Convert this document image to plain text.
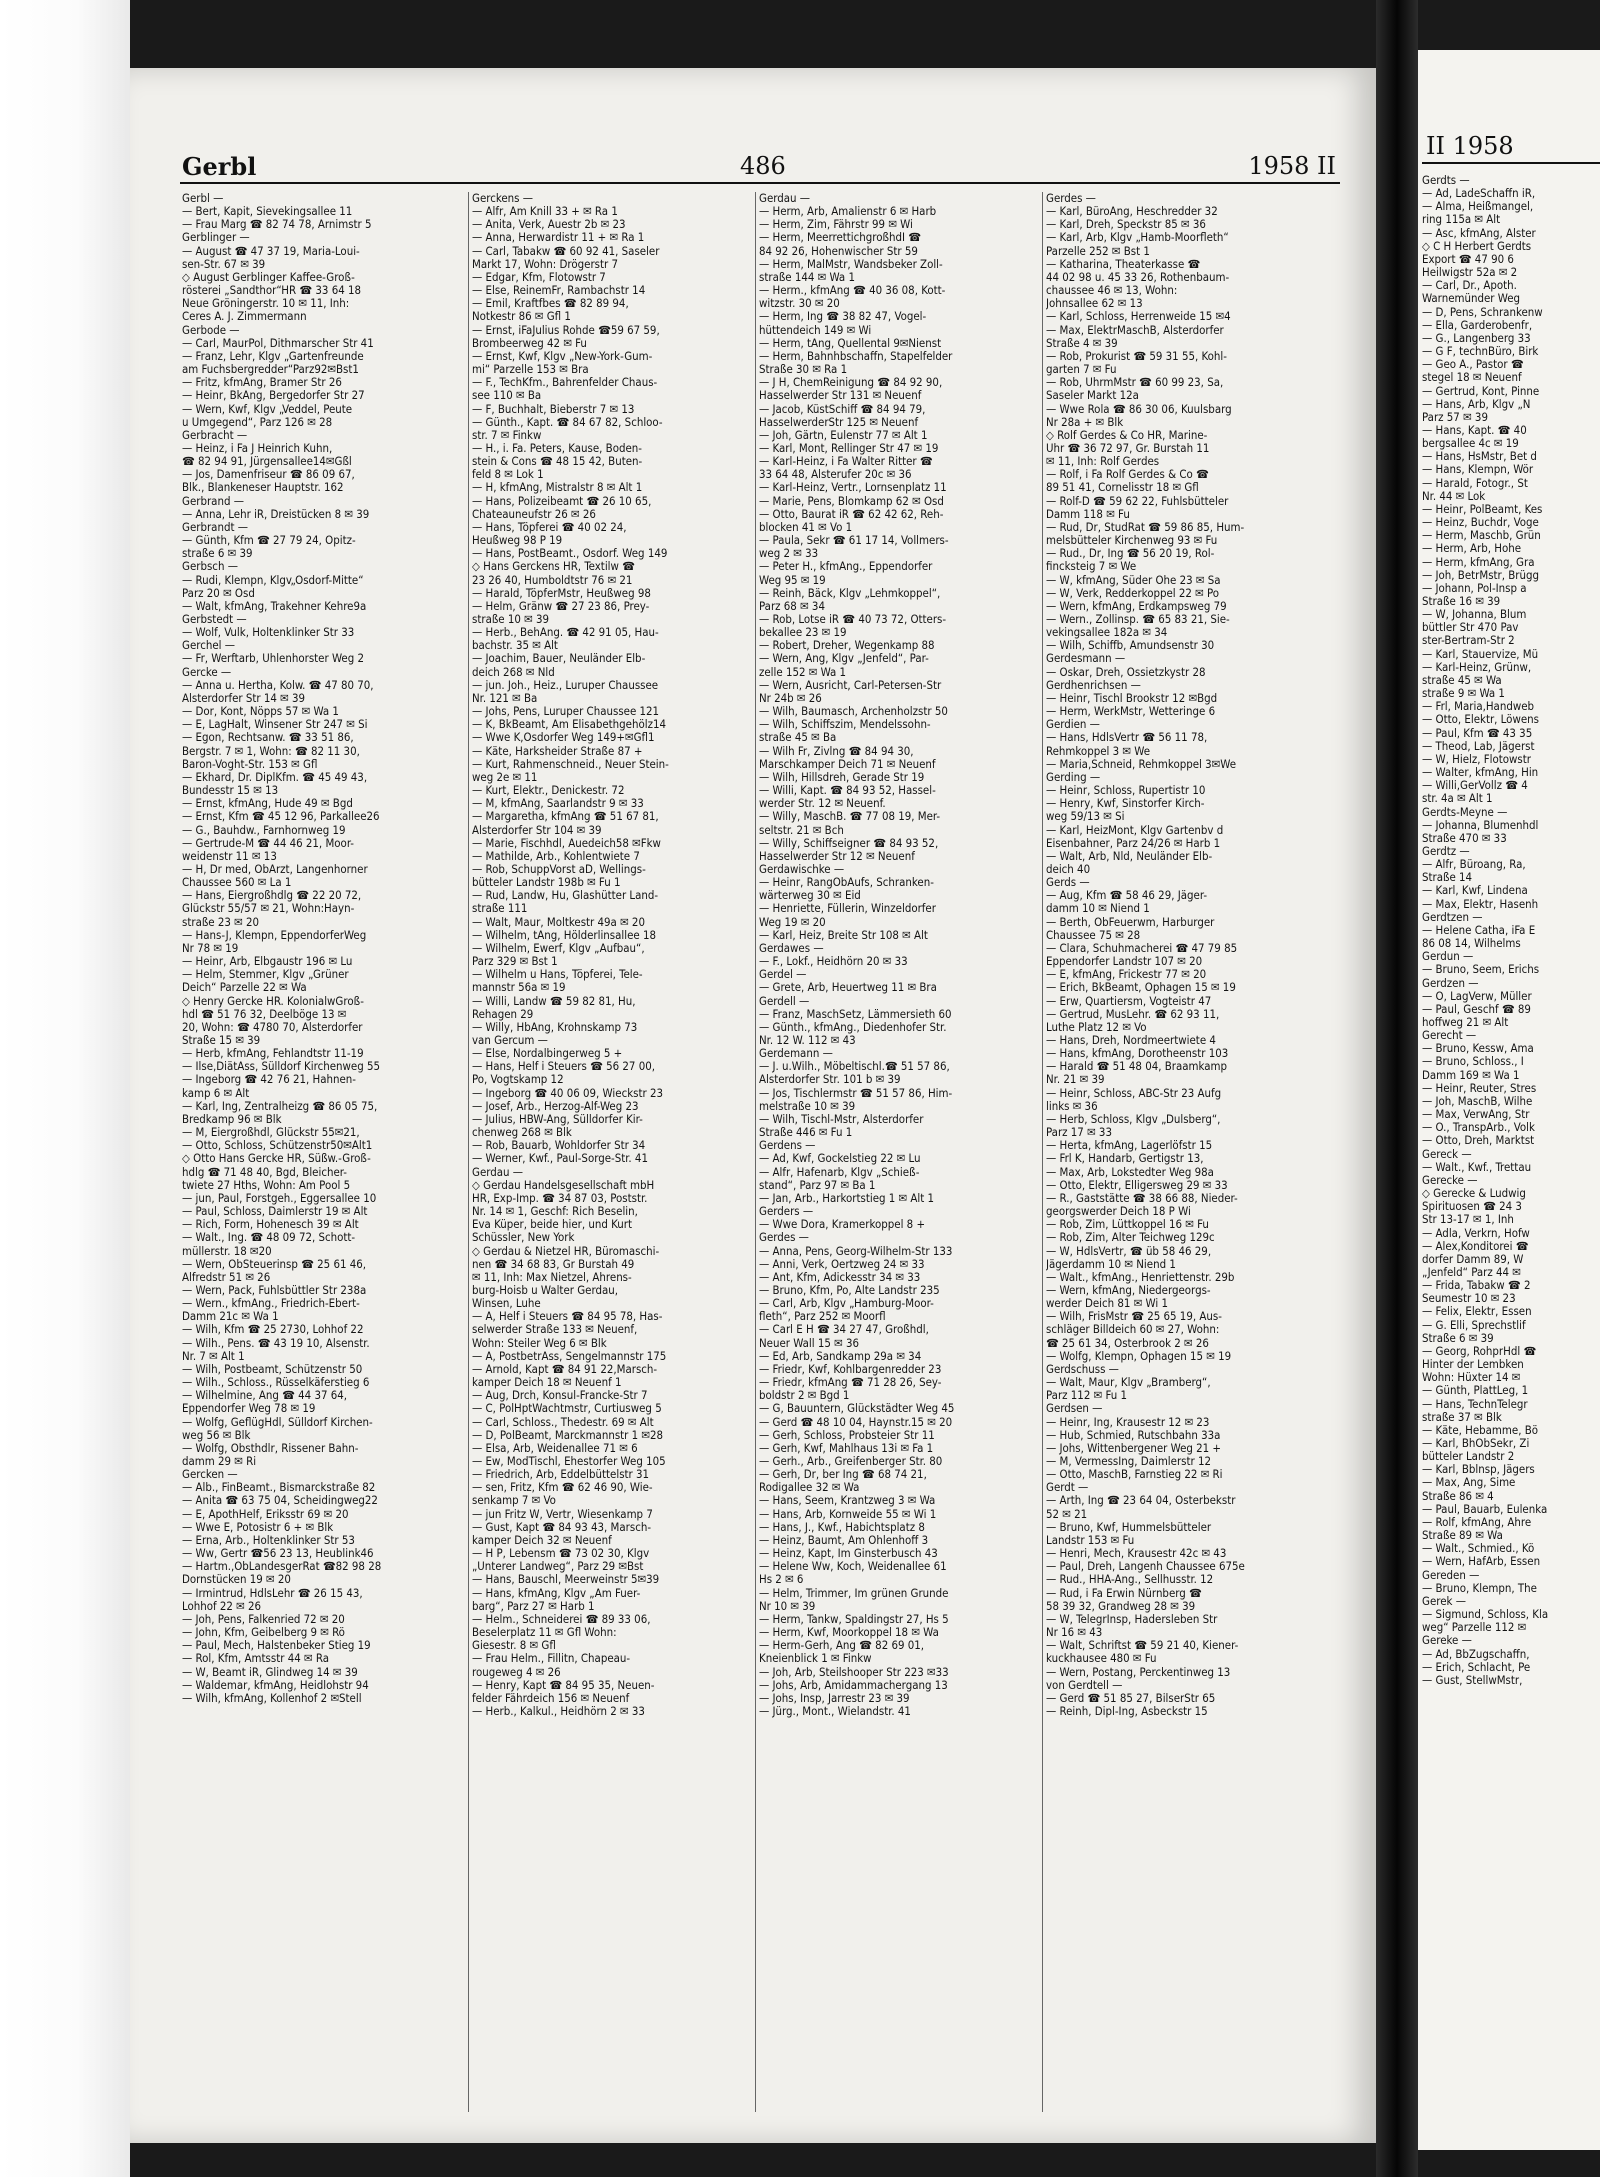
Gerbl	486	1958 II
Gerbl —
— Bert, Kapit, Sievekingsallee 11
— Frau Marg ☎ 82 74 78, Arnimstr 5
Gerblinger —
— August ☎ 47 37 19, Maria-Loui-
sen-Str. 67 ✉ 39
◇ August Gerblinger Kaffee-Groß-
rösterei „Sandthor“HR ☎ 33 64 18
Neue Gröningerstr. 10 ✉ 11, Inh:
Ceres A. J. Zimmermann
Gerbode —
— Carl, MaurPol, Dithmarscher Str 41
— Franz, Lehr, Klgv „Gartenfreunde
am Fuchsbergredder“Parz92✉Bst1
— Fritz, kfmAng, Bramer Str 26
— Heinr, BkAng, Bergedorfer Str 27
— Wern, Kwf, Klgv „Veddel, Peute
u Umgegend“, Parz 126 ✉ 28
Gerbracht —
— Heinz, i Fa J Heinrich Kuhn,
☎ 82 94 91, Jürgensallee14✉Gßl
— Jos, Damenfriseur ☎ 86 09 67,
Blk., Blankeneser Hauptstr. 162
Gerbrand —
— Anna, Lehr iR, Dreistücken 8 ✉ 39
Gerbrandt —
— Günth, Kfm ☎ 27 79 24, Opitz-
straße 6 ✉ 39
Gerbsch —
— Rudi, Klempn, Klgv„Osdorf-Mitte“
Parz 20 ✉ Osd
— Walt, kfmAng, Trakehner Kehre9a
Gerbstedt —
— Wolf, Vulk, Holtenklinker Str 33
Gerchel —
— Fr, Werftarb, Uhlenhorster Weg 2
Gercke —
— Anna u. Hertha, Kolw. ☎ 47 80 70,
Alsterdorfer Str 14 ✉ 39
— Dor, Kont, Nöpps 57 ✉ Wa 1
— E, LagHalt, Winsener Str 247 ✉ Si
— Egon, Rechtsanw. ☎ 33 51 86,
Bergstr. 7 ✉ 1, Wohn: ☎ 82 11 30,
Baron-Voght-Str. 153 ✉ Gfl
— Ekhard, Dr. DiplKfm. ☎ 45 49 43,
Bundesstr 15 ✉ 13
— Ernst, kfmAng, Hude 49 ✉ Bgd
— Ernst, Kfm ☎ 45 12 96, Parkallee26
— G., Bauhdw., Farnhornweg 19
— Gertrude-M ☎ 44 46 21, Moor-
weidenstr 11 ✉ 13
— H, Dr med, ObArzt, Langenhorner
Chaussee 560 ✉ La 1
— Hans, Eiergroßhdlg ☎ 22 20 72,
Glückstr 55/57 ✉ 21, Wohn:Hayn-
straße 23 ✉ 20
— Hans-J, Klempn, EppendorferWeg
Nr 78 ✉ 19
— Heinr, Arb, Elbgaustr 196 ✉ Lu
— Helm, Stemmer, Klgv „Grüner
Deich“ Parzelle 22 ✉ Wa
◇ Henry Gercke HR. KolonialwGroß-
hdl ☎ 51 76 32, Deelböge 13 ✉
20, Wohn: ☎ 4780 70, Alsterdorfer
Straße 15 ✉ 39
— Herb, kfmAng, Fehlandtstr 11-19
— Ilse,DiätAss, Sülldorf Kirchenweg 55
— Ingeborg ☎ 42 76 21, Hahnen-
kamp 6 ✉ Alt
— Karl, Ing, Zentralheizg ☎ 86 05 75,
Bredkamp 96 ✉ Blk
— M, Eiergroßhdl, Glückstr 55✉21,
— Otto, Schloss, Schützenstr50✉Alt1
◇ Otto Hans Gercke HR, Süßw.-Groß-
hdlg ☎ 71 48 40, Bgd, Bleicher-
twiete 27 Hths, Wohn: Am Pool 5
— jun, Paul, Forstgeh., Eggersallee 10
— Paul, Schloss, Daimlerstr 19 ✉ Alt
— Rich, Form, Hohenesch 39 ✉ Alt
— Walt., Ing. ☎ 48 09 72, Schott-
müllerstr. 18 ✉20
— Wern, ObSteuerinsp ☎ 25 61 46,
Alfredstr 51 ✉ 26
— Wern, Pack, Fuhlsbüttler Str 238a
— Wern., kfmAng., Friedrich-Ebert-
Damm 21c ✉ Wa 1
— Wilh, Kfm ☎ 25 2730, Lohhof 22
— Wilh., Pens. ☎ 43 19 10, Alsenstr.
Nr. 7 ✉ Alt 1
— Wilh, Postbeamt, Schützenstr 50
— Wilh., Schloss., Rüsselkäferstieg 6
— Wilhelmine, Ang ☎ 44 37 64,
Eppendorfer Weg 78 ✉ 19
— Wolfg, GeflügHdl, Sülldorf Kirchen-
weg 56 ✉ Blk
— Wolfg, Obsthdlr, Rissener Bahn-
damm 29 ✉ Ri
Gercken —
— Alb., FinBeamt., Bismarckstraße 82
— Anita ☎ 63 75 04, Scheidingweg22
— E, ApothHelf, Eriksstr 69 ✉ 20
— Wwe E, Potosistr 6 + ✉ Blk
— Erna, Arb., Holtenklinker Str 53
— Ww, Gertr ☎56 23 13, Heublink46
— Hartm.,ObLandesgerRat ☎82 98 28
Dornstücken 19 ✉ 20
— Irmintrud, HdlsLehr ☎ 26 15 43,
Lohhof 22 ✉ 26
— Joh, Pens, Falkenried 72 ✉ 20
— John, Kfm, Geibelberg 9 ✉ Rö
— Paul, Mech, Halstenbeker Stieg 19
— Rol, Kfm, Amtsstr 44 ✉ Ra
— W, Beamt iR, Glindweg 14 ✉ 39
— Waldemar, kfmAng, Heidlohstr 94
— Wilh, kfmAng, Kollenhof 2 ✉Stell
Gerckens —
— Alfr, Am Knill 33 + ✉ Ra 1
— Anita, Verk, Auestr 2b ✉ 23
— Anna, Herwardistr 11 + ✉ Ra 1
— Carl, Tabakw ☎ 60 92 41, Saseler
Markt 17, Wohn: Drögerstr 7
— Edgar, Kfm, Flotowstr 7
— Else, ReinemFr, Rambachstr 14
— Emil, Kraftfbes ☎ 82 89 94,
Notkestr 86 ✉ Gfl 1
— Ernst, iFaJulius Rohde ☎59 67 59,
Brombeerweg 42 ✉ Fu
— Ernst, Kwf, Klgv „New-York-Gum-
mi“ Parzelle 153 ✉ Bra
— F., TechKfm., Bahrenfelder Chaus-
see 110 ✉ Ba
— F, Buchhalt, Bieberstr 7 ✉ 13
— Günth., Kapt. ☎ 84 67 82, Schloo-
str. 7 ✉ Finkw
— H., i. Fa. Peters, Kause, Boden-
stein & Cons ☎ 48 15 42, Buten-
feld 8 ✉ Lok 1
— H, kfmAng, Mistralstr 8 ✉ Alt 1
— Hans, Polizeibeamt ☎ 26 10 65,
Chateauneufstr 26 ✉ 26
— Hans, Töpferei ☎ 40 02 24,
Heußweg 98 P 19
— Hans, PostBeamt., Osdorf. Weg 149
◇ Hans Gerckens HR, Textilw ☎
23 26 40, Humboldtstr 76 ✉ 21
— Harald, TöpferMstr, Heußweg 98
— Helm, Gränw ☎ 27 23 86, Prey-
straße 10 ✉ 39
— Herb., BehAng. ☎ 42 91 05, Hau-
bachstr. 35 ✉ Alt
— Joachim, Bauer, Neuländer Elb-
deich 268 ✉ Nld
— jun. Joh., Heiz., Luruper Chaussee
Nr. 121 ✉ Ba
— Johs, Pens, Luruper Chaussee 121
— K, BkBeamt, Am Elisabethgehölz14
— Wwe K,Osdorfer Weg 149+✉Gfl1
— Käte, Harksheider Straße 87 +
— Kurt, Rahmenschneid., Neuer Stein-
weg 2e ✉ 11
— Kurt, Elektr., Denickestr. 72
— M, kfmAng, Saarlandstr 9 ✉ 33
— Margaretha, kfmAng ☎ 51 67 81,
Alsterdorfer Str 104 ✉ 39
— Marie, Fischhdl, Auedeich58 ✉Fkw
— Mathilde, Arb., Kohlentwiete 7
— Rob, SchuppVorst aD, Wellings-
bütteler Landstr 198b ✉ Fu 1
— Rud, Landw, Hu, Glashütter Land-
straße 111
— Walt, Maur, Moltkestr 49a ✉ 20
— Wilhelm, tAng, Hölderlinsallee 18
— Wilhelm, Ewerf, Klgv „Aufbau“,
Parz 329 ✉ Bst 1
— Wilhelm u Hans, Töpferei, Tele-
mannstr 56a ✉ 19
— Willi, Landw ☎ 59 82 81, Hu,
Rehagen 29
— Willy, HbAng, Krohnskamp 73
van Gercum —
— Else, Nordalbingerweg 5 +
— Hans, Helf i Steuers ☎ 56 27 00,
Po, Vogtskamp 12
— Ingeborg ☎ 40 06 09, Wieckstr 23
— Josef, Arb., Herzog-Alf-Weg 23
— Julius, HBW-Ang, Sülldorfer Kir-
chenweg 268 ✉ Blk
— Rob, Bauarb, Wohldorfer Str 34
— Werner, Kwf., Paul-Sorge-Str. 41
Gerdau —
◇ Gerdau Handelsgesellschaft mbH
HR, Exp-Imp. ☎ 34 87 03, Poststr.
Nr. 14 ✉ 1, Geschf: Rich Beselin,
Eva Küper, beide hier, und Kurt
Schüssler, New York
◇ Gerdau & Nietzel HR, Büromaschi-
nen ☎ 34 68 83, Gr Burstah 49
✉ 11, Inh: Max Nietzel, Ahrens-
burg-Hoisb u Walter Gerdau,
Winsen, Luhe
— A, Helf i Steuers ☎ 84 95 78, Has-
selwerder Straße 133 ✉ Neuenf,
Wohn: Steiler Weg 6 ✉ Blk
— A, PostbetrAss, Sengelmannstr 175
— Arnold, Kapt ☎ 84 91 22,Marsch-
kamper Deich 18 ✉ Neuenf 1
— Aug, Drch, Konsul-Francke-Str 7
— C, PolHptWachtmstr, Curtiusweg 5
— Carl, Schloss., Thedestr. 69 ✉ Alt
— D, PolBeamt, Marckmannstr 1 ✉28
— Elsa, Arb, Weidenallee 71 ✉ 6
— Ew, ModTischl, Ehestorfer Weg 105
— Friedrich, Arb, Eddelbüttelstr 31
— sen, Fritz, Kfm ☎ 62 46 90, Wie-
senkamp 7 ✉ Vo
— jun Fritz W, Vertr, Wiesenkamp 7
— Gust, Kapt ☎ 84 93 43, Marsch-
kamper Deich 32 ✉ Neuenf
— H P, Lebensm ☎ 73 02 30, Klgv
„Unterer Landweg“, Parz 29 ✉Bst
— Hans, Bauschl, Meerweinstr 5✉39
— Hans, kfmAng, Klgv „Am Fuer-
barg“, Parz 27 ✉ Harb 1
— Helm., Schneiderei ☎ 89 33 06,
Beselerplatz 11 ✉ Gfl Wohn:
Giesestr. 8 ✉ Gfl
— Frau Helm., Fillitn, Chapeau-
rougeweg 4 ✉ 26
— Henry, Kapt ☎ 84 95 35, Neuen-
felder Fährdeich 156 ✉ Neuenf
— Herb., Kalkul., Heidhörn 2 ✉ 33
Gerdau —
— Herm, Arb, Amalienstr 6 ✉ Harb
— Herm, Zim, Fährstr 99 ✉ Wi
— Herm, MeerrettichgroßhdI ☎
84 92 26, Hohenwischer Str 59
— Herm, MalMstr, Wandsbeker Zoll-
straße 144 ✉ Wa 1
— Herm., kfmAng ☎ 40 36 08, Kott-
witzstr. 30 ✉ 20
— Herm, Ing ☎ 38 82 47, Vogel-
hüttendeich 149 ✉ Wi
— Herm, tAng, Quellental 9✉Nienst
— Herm, Bahnhbschaffn, Stapelfelder
Straße 30 ✉ Ra 1
— J H, ChemReinigung ☎ 84 92 90,
Hasselwerder Str 131 ✉ Neuenf
— Jacob, KüstSchiff ☎ 84 94 79,
HasselwerderStr 125 ✉ Neuenf
— Joh, Gärtn, Eulenstr 77 ✉ Alt 1
— Karl, Mont, Rellinger Str 47 ✉ 19
— Karl-Heinz, i Fa Walter Ritter ☎
33 64 48, Alsterufer 20c ✉ 36
— Karl-Heinz, Vertr., Lornsenplatz 11
— Marie, Pens, Blomkamp 62 ✉ Osd
— Otto, Baurat iR ☎ 62 42 62, Reh-
blocken 41 ✉ Vo 1
— Paula, Sekr ☎ 61 17 14, Vollmers-
weg 2 ✉ 33
— Peter H., kfmAng., Eppendorfer
Weg 95 ✉ 19
— Reinh, Bäck, Klgv „Lehmkoppel“,
Parz 68 ✉ 34
— Rob, Lotse iR ☎ 40 73 72, Otters-
bekallee 23 ✉ 19
— Robert, Dreher, Wegenkamp 88
— Wern, Ang, Klgv „Jenfeld“, Par-
zelle 152 ✉ Wa 1
— Wern, Ausricht, Carl-Petersen-Str
Nr 24b ✉ 26
— Wilh, Baumasch, Archenholzstr 50
— Wilh, Schiffszim, Mendelssohn-
straße 45 ✉ Ba
— Wilh Fr, Zivlng ☎ 84 94 30,
Marschkamper Deich 71 ✉ Neuenf
— Wilh, Hillsdreh, Gerade Str 19
— Willi, Kapt. ☎ 84 93 52, Hassel-
werder Str. 12 ✉ Neuenf.
— Willy, MaschB. ☎ 77 08 19, Mer-
seltstr. 21 ✉ Bch
— Willy, Schiffseigner ☎ 84 93 52,
Hasselwerder Str 12 ✉ Neuenf
Gerdawischke —
— Heinr, RangObAufs, Schranken-
wärterweg 30 ✉ Eid
— Henriette, Füllerin, Winzeldorfer
Weg 19 ✉ 20
— Karl, Heiz, Breite Str 108 ✉ Alt
Gerdawes —
— F., Lokf., Heidhörn 20 ✉ 33
Gerdel —
— Grete, Arb, Heuertweg 11 ✉ Bra
Gerdell —
— Franz, MaschSetz, Lämmersieth 60
— Günth., kfmAng., Diedenhofer Str.
Nr. 12 W. 112 ✉ 43
Gerdemann —
— J. u.Wilh., Möbeltischl.☎ 51 57 86,
Alsterdorfer Str. 101 b ✉ 39
— Jos, Tischlermstr ☎ 51 57 86, Him-
melstraße 10 ✉ 39
— Wilh, Tischl-Mstr, Alsterdorfer
Straße 446 ✉ Fu 1
Gerdens —
— Ad, Kwf, Gockelstieg 22 ✉ Lu
— Alfr, Hafenarb, Klgv „Schieß-
stand“, Parz 97 ✉ Ba 1
— Jan, Arb., Harkortstieg 1 ✉ Alt 1
Gerders —
— Wwe Dora, Kramerkoppel 8 +
Gerdes —
— Anna, Pens, Georg-Wilhelm-Str 133
— Anni, Verk, Oertzweg 24 ✉ 33
— Ant, Kfm, Adickesstr 34 ✉ 33
— Bruno, Kfm, Po, Alte Landstr 235
— Carl, Arb, Klgv „Hamburg-Moor-
fleth“, Parz 252 ✉ Moorfl
— Carl E H ☎ 34 27 47, Großhdl,
Neuer Wall 15 ✉ 36
— Ed, Arb, Sandkamp 29a ✉ 34
— Friedr, Kwf, Kohlbargenredder 23
— Friedr, kfmAng ☎ 71 28 26, Sey-
boldstr 2 ✉ Bgd 1
— G, Bauuntern, Glückstädter Weg 45
— Gerd ☎ 48 10 04, Haynstr.15 ✉ 20
— Gerh, Schloss, Probsteier Str 11
— Gerh, Kwf, Mahlhaus 13i ✉ Fa 1
— Gerh., Arb., Greifenberger Str. 80
— Gerh, Dr, ber Ing ☎ 68 74 21,
Rodigallee 32 ✉ Wa
— Hans, Seem, Krantzweg 3 ✉ Wa
— Hans, Arb, Kornweide 55 ✉ Wi 1
— Hans, J., Kwf., Habichtsplatz 8
— Heinz, Baumt, Am Ohlenhoff 3
— Heinz, Kapt, Im Ginsterbusch 43
— Helene Ww, Koch, Weidenallee 61
Hs 2 ✉ 6
— Helm, Trimmer, Im grünen Grunde
Nr 10 ✉ 39
— Herm, Tankw, Spaldingstr 27, Hs 5
— Herm, Kwf, Moorkoppel 18 ✉ Wa
— Herm-Gerh, Ang ☎ 82 69 01,
Kneienblick 1 ✉ Finkw
— Joh, Arb, Steilshooper Str 223 ✉33
— Johs, Arb, Amidammachergang 13
— Johs, Insp, Jarrestr 23 ✉ 39
— Jürg., Mont., Wielandstr. 41
Gerdes —
— Karl, BüroAng, Heschredder 32
— Karl, Dreh, Speckstr 85 ✉ 36
— Karl, Arb, Klgv „Hamb-Moorfleth“
Parzelle 252 ✉ Bst 1
— Katharina, Theaterkasse ☎
44 02 98 u. 45 33 26, Rothenbaum-
chaussee 46 ✉ 13, Wohn:
Johnsallee 62 ✉ 13
— Karl, Schloss, Herrenweide 15 ✉4
— Max, ElektrMaschB, Alsterdorfer
Straße 4 ✉ 39
— Rob, Prokurist ☎ 59 31 55, Kohl-
garten 7 ✉ Fu
— Rob, UhrmMstr ☎ 60 99 23, Sa,
Saseler Markt 12a
— Wwe Rola ☎ 86 30 06, Kuulsbarg
Nr 28a + ✉ Blk
◇ Rolf Gerdes & Co HR, Marine-
Uhr ☎ 36 72 97, Gr. Burstah 11
✉ 11, Inh: Rolf Gerdes
— Rolf, i Fa Rolf Gerdes & Co ☎
89 51 41, Cornelisstr 18 ✉ Gfl
— Rolf-D ☎ 59 62 22, Fuhlsbütteler
Damm 118 ✉ Fu
— Rud, Dr, StudRat ☎ 59 86 85, Hum-
melsbütteler Kirchenweg 93 ✉ Fu
— Rud., Dr, Ing ☎ 56 20 19, Rol-
fincksteig 7 ✉ We
— W, kfmAng, Süder Ohe 23 ✉ Sa
— W, Verk, Redderkoppel 22 ✉ Po
— Wern, kfmAng, Erdkampsweg 79
— Wern., Zollinsp. ☎ 65 83 21, Sie-
vekingsallee 182a ✉ 34
— Wilh, Schiffb, Amundsenstr 30
Gerdesmann —
— Oskar, Dreh, Ossietzkystr 28
Gerdhenrichsen —
— Heinr, Tischl Brookstr 12 ✉Bgd
— Herm, WerkMstr, Wetteringe 6
Gerdien —
— Hans, HdlsVertr ☎ 56 11 78,
Rehmkoppel 3 ✉ We
— Maria,Schneid, Rehmkoppel 3✉We
Gerding —
— Heinr, Schloss, Rupertistr 10
— Henry, Kwf, Sinstorfer Kirch-
weg 59/13 ✉ Si
— Karl, HeizMont, Klgv Gartenbv d
Eisenbahner, Parz 24/26 ✉ Harb 1
— Walt, Arb, Nld, Neuländer Elb-
deich 40
Gerds —
— Aug, Kfm ☎ 58 46 29, Jäger-
damm 10 ✉ Niend 1
— Berth, ObFeuerwm, Harburger
Chaussee 75 ✉ 28
— Clara, Schuhmacherei ☎ 47 79 85
Eppendorfer Landstr 107 ✉ 20
— E, kfmAng, Frickestr 77 ✉ 20
— Erich, BkBeamt, Ophagen 15 ✉ 19
— Erw, Quartiersm, Vogteistr 47
— Gertrud, MusLehr. ☎ 62 93 11,
Luthe Platz 12 ✉ Vo
— Hans, Dreh, Nordmeertwiete 4
— Hans, kfmAng, Dorotheenstr 103
— Harald ☎ 51 48 04, Braamkamp
Nr. 21 ✉ 39
— Heinr, Schloss, ABC-Str 23 Aufg
links ✉ 36
— Herb, Schloss, Klgv „Dulsberg“,
Parz 17 ✉ 33
— Herta, kfmAng, Lagerlöfstr 15
— Frl K, Handarb, Gertigstr 13,
— Max, Arb, Lokstedter Weg 98a
— Otto, Elektr, Elligersweg 29 ✉ 33
— R., Gaststätte ☎ 38 66 88, Nieder-
georgswerder Deich 18 P Wi
— Rob, Zim, Lüttkoppel 16 ✉ Fu
— Rob, Zim, Alter Teichweg 129c
— W, HdlsVertr, ☎ üb 58 46 29,
Jägerdamm 10 ✉ Niend 1
— Walt., kfmAng., Henriettenstr. 29b
— Wern, kfmAng, Niedergeorgs-
werder Deich 81 ✉ Wi 1
— Wilh, FrisMstr ☎ 25 65 19, Aus-
schläger Billdeich 60 ✉ 27, Wohn:
☎ 25 61 34, Osterbrook 2 ✉ 26
— Wolfg, Klempn, Ophagen 15 ✉ 19
Gerdschuss —
— Walt, Maur, Klgv „Bramberg“,
Parz 112 ✉ Fu 1
Gerdsen —
— Heinr, Ing, Krausestr 12 ✉ 23
— Hub, Schmied, Rutschbahn 33a
— Johs, Wittenbergener Weg 21 +
— M, VermessIng, Daimlerstr 12
— Otto, MaschB, Farnstieg 22 ✉ Ri
Gerdt —
— Arth, Ing ☎ 23 64 04, Osterbekstr
52 ✉ 21
— Bruno, Kwf, Hummelsbütteler
Landstr 153 ✉ Fu
— Henri, Mech, Krausestr 42c ✉ 43
— Paul, Dreh, Langenh Chaussee 675e
— Rud., HHA-Ang., Sellhusstr. 12
— Rud, i Fa Erwin Nürnberg ☎
58 39 32, Grandweg 28 ✉ 39
— W, TelegrInsp, Hadersleben Str
Nr 16 ✉ 43
— Walt, Schriftst ☎ 59 21 40, Kiener-
kuckhausee 480 ✉ Fu
— Wern, Postang, Perckentinweg 13
von Gerdtell —
— Gerd ☎ 51 85 27, BilserStr 65
— Reinh, Dipl-Ing, Asbeckstr 15
II 1958
Gerdts —
— Ad, LadeSchaffn iR,
— Alma, Heißmangel,
ring 115a ✉ Alt
— Asc, kfmAng, Alster
◇ C H Herbert Gerdts
Export ☎ 47 90 6
Heilwigstr 52a ✉ 2
— Carl, Dr., Apoth.
Warnemünder Weg
— D, Pens, Schrankenw
— Ella, Garderobenfr,
— G., Langenberg 33
— G F, technBüro, Birk
— Geo A., Pastor ☎
stegel 18 ✉ Neuenf
— Gertrud, Kont, Pinne
— Hans, Arb, Klgv „N
Parz 57 ✉ 39
— Hans, Kapt. ☎ 40
bergsallee 4c ✉ 19
— Hans, HsMstr, Bet d
— Hans, Klempn, Wör
— Harald, Fotogr., St
Nr. 44 ✉ Lok
— Heinr, PolBeamt, Kes
— Heinz, Buchdr, Voge
— Herm, Maschb, Grün
— Herm, Arb, Hohe
— Herm, kfmAng, Gra
— Joh, BetrMstr, Brügg
— Johann, Pol-Insp a
Straße 16 ✉ 39
— W, Johanna, Blum
büttler Str 470 Pav
ster-Bertram-Str 2
— Karl, Stauervize, Mü
— Karl-Heinz, Grünw,
straße 45 ✉ Wa
straße 9 ✉ Wa 1
— Frl, Maria,Handweb
— Otto, Elektr, Löwens
— Paul, Kfm ☎ 43 35
— Theod, Lab, Jägerst
— W, Hielz, Flotowstr
— Walter, kfmAng, Hin
— Willi,GerVollz ☎ 4
str. 4a ✉ Alt 1
Gerdts-Meyne —
— Johanna, Blumenhdl
Straße 470 ✉ 33
Gerdtz —
— Alfr, Büroang, Ra,
Straße 14
— Karl, Kwf, Lindena
— Max, Elektr, Hasenh
Gerdtzen —
— Helene Catha, iFa E
86 08 14, Wilhelms
Gerdun —
— Bruno, Seem, Erichs
Gerdzen —
— O, LagVerw, Müller
— Paul, Geschf ☎ 89
hoffweg 21 ✉ Alt
Gerecht —
— Bruno, Kessw, Ama
— Bruno, Schloss., I
Damm 169 ✉ Wa 1
— Heinr, Reuter, Stres
— Joh, MaschB, Wilhe
— Max, VerwAng, Str
— O., TranspArb., Volk
— Otto, Dreh, Marktst
Gereck —
— Walt., Kwf., Trettau
Gerecke —
◇ Gerecke & Ludwig
Spirituosen ☎ 24 3
Str 13-17 ✉ 1, Inh
— Adla, Verkrn, Hofw
— Alex,Konditorei ☎
dorfer Damm 89, W
„Jenfeld“ Parz 44 ✉
— Frida, Tabakw ☎ 2
Seumestr 10 ✉ 23
— Felix, Elektr, Essen
— G. Elli, Sprechstlif
Straße 6 ✉ 39
— Georg, RohprHdl ☎
Hinter der Lembken
Wohn: Hüxter 14 ✉
— Günth, PlattLeg, 1
— Hans, TechnTelegr
straße 37 ✉ Blk
— Käte, Hebamme, Bö
— Karl, BhObSekr, Zi
bütteler Landstr 2
— Karl, Bblnsp, Jägers
— Max, Ang, Sime
Straße 86 ✉ 4
— Paul, Bauarb, Eulenka
— Rolf, kfmAng, Ahre
Straße 89 ✉ Wa
— Walt., Schmied., Kö
— Wern, HafArb, Essen
Gereden —
— Bruno, Klempn, The
Gerek —
— Sigmund, Schloss, Kla
weg“ Parzelle 112 ✉
Gereke —
— Ad, BbZugschaffn,
— Erich, Schlacht, Pe
— Gust, StellwMstr,
